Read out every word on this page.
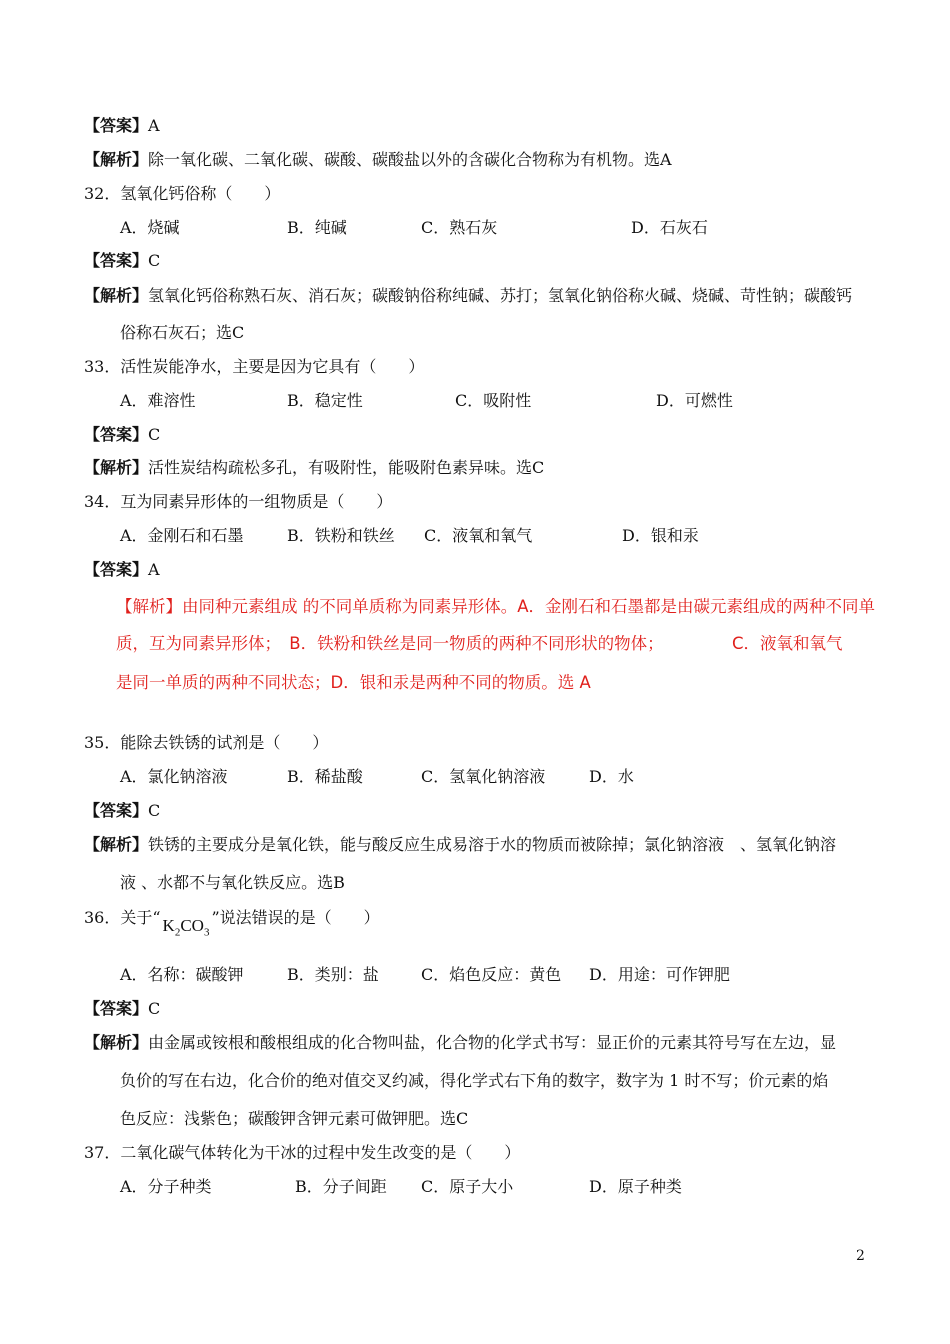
【答案】A
【解析】除一氧化碳、二氧化碳、碳酸、碳酸盐以外的含碳化合物称为有机物。选A
32．氢氧化钙俗称（　　）
A．烧碱	B．纯碱	C．熟石灰	D．石灰石
【答案】C
【解析】氢氧化钙俗称熟石灰、消石灰；碳酸钠俗称纯碱、苏打；氢氧化钠俗称火碱、烧碱、苛性钠；碳酸钙
俗称石灰石；选C
33．活性炭能净水，主要是因为它具有（　　）
A．难溶性	B．稳定性	C．吸附性	D．可燃性
【答案】C
【解析】活性炭结构疏松多孔，有吸附性，能吸附色素异味。选C
34．互为同素异形体的一组物质是（　　）
A．金刚石和石墨	B．铁粉和铁丝 C．液氧和氧气	D．银和汞
【答案】A
【解析】由同种元素组成 的不同单质称为同素异形体。A．金刚石和石墨都是由碳元素组成的两种不同单
质，互为同素异形体；　B．铁粉和铁丝是同一物质的两种不同形状的物体；	C．液氧和氧气
是同一单质的两种不同状态；D．银和汞是两种不同的物质。选 A
35．能除去铁锈的试剂是（　　）
A．氯化钠溶液	B．稀盐酸	C．氢氧化钠溶液	D．水
【答案】C
【解析】铁锈的主要成分是氧化铁，能与酸反应生成易溶于水的物质而被除掉；氯化钠溶液　、氢氧化钠溶
液 、水都不与氧化铁反应。选B
36．关于“ $K_2CO_3$”说法错误的是（　　）
A．名称：碳酸钾	B．类别：盐	C．焰色反应：黄色 D．用途：可作钾肥
【答案】C
【解析】由金属或铵根和酸根组成的化合物叫盐，化合物的化学式书写：显正价的元素其符号写在左边，显
负价的写在右边，化合价的绝对值交叉约减，得化学式右下角的数字，数字为 1 时不写；价元素的焰
色反应：浅紫色；碳酸钾含钾元素可做钾肥。选C
37．二氧化碳气体转化为干冰的过程中发生改变的是（　　）
A．分子种类	B．分子间距 C．原子大小	D．原子种类
2
